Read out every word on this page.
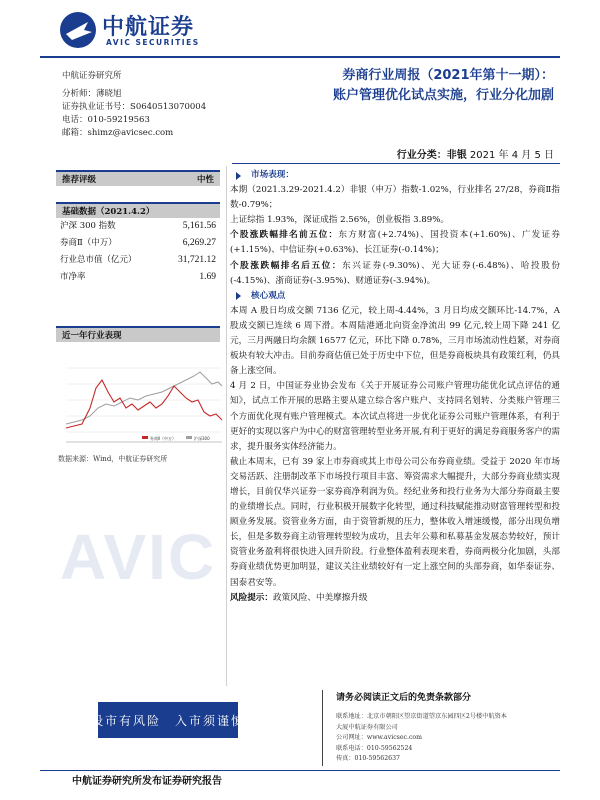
中航证券
AVIC SECURITIES
券商行业周报（2021年第十一期）：
账户管理优化试点实施，行业分化加剧
中航证券研究所
分析师：薄晓旭
证券执业证书号：S0640513070004
电话：010-59219563
邮箱：shimz@avicsec.com
行业分类：非银 2021 年 4 月 5 日
推荐评级	中性
基础数据（2021.4.2）
沪深 300 指数	5,161.56
券商Ⅱ（中万）	6,269.27
行业总市值（亿元）	31,721.12
市净率	1.69
近一年行业表现
券商Ⅱ（中万）	沪深300
数据来源：Wind，中航证券研究所
AVIC
市场表现：
本期（2021.3.29-2021.4.2）非银（申万）指数-1.02%，行业排名 27/28，券商Ⅱ指数-0.79%；
上证综指 1.93%，深证成指 2.56%，创业板指 3.89%。
个股涨跌幅排名前五位：东方财富(+2.74%)、国投资本(+1.60%)、广发证券(+1.15%)、中信证券(+0.63%)、长江证券(-0.14%)；
个股涨跌幅排名后五位：东兴证券(-9.30%)、光大证券(-6.48%)、哈投股份(-4.15%)、浙商证券(-3.95%)、财通证券(-3.94%)。
核心观点
本周 A 股日均成交额 7136 亿元，较上周-4.44%，3 月日均成交额环比-14.7%，A 股成交额已连续 6 周下滑。本周陆港通北向资金净流出 99 亿元,较上周下降 241 亿元，三月两融日均余额 16577 亿元，环比下降 0.78%，三月市场流动性趋紧，对券商板块有较大冲击。目前券商估值已处于历史中下位，但是券商板块具有政策红利，仍具备上涨空间。
4 月 2 日，中国证券业协会发布《关于开展证券公司账户管理功能优化试点评估的通知》，试点工作开展的思路主要从建立综合客户账户、支持同名划转、分类账户管理三个方面优化现有账户管理模式。本次试点将进一步优化证券公司账户管理体系，有利于更好的实现以客户为中心的财富管理转型业务开展,有利于更好的满足券商服务客户的需求，提升服务实体经济能力。
截止本周末，已有 39 家上市券商或其上市母公司公布券商业绩。受益于 2020 年市场交易活跃、注册制改革下市场投行项目丰富、筹资需求大幅提升，大部分券商业绩实现增长，目前仅华兴证券一家券商净利润为负。经纪业务和投行业务为大部分券商最主要的业绩增长点。同时，行业积极开展数字化转型，通过科技赋能推动财富管理转型和投顾业务发展。资管业务方面，由于资管新规的压力，整体收入增速缓慢，部分出现负增长，但是多数券商主动管理转型较为成功，且去年公募和私募基金发展态势较好，预计资管业务盈利将很快进入回升阶段。行业整体盈利表现来看，券商两极分化加剧，头部券商业绩优势更加明显，建议关注业绩较好有一定上涨空间的头部券商，如华泰证券、国泰君安等。
风险提示：政策风险、中美摩擦升级
股市有风险　入市须谨慎
请务必阅读正文后的免责条款部分
联系地址：北京市朝阳区望京街道望京东园四区2号楼中航资本
大厦中航证券有限公司
公司网址：www.avicsec.com
联系电话：010-59562524
传真：010-59562637
中航证券研究所发布证券研究报告
